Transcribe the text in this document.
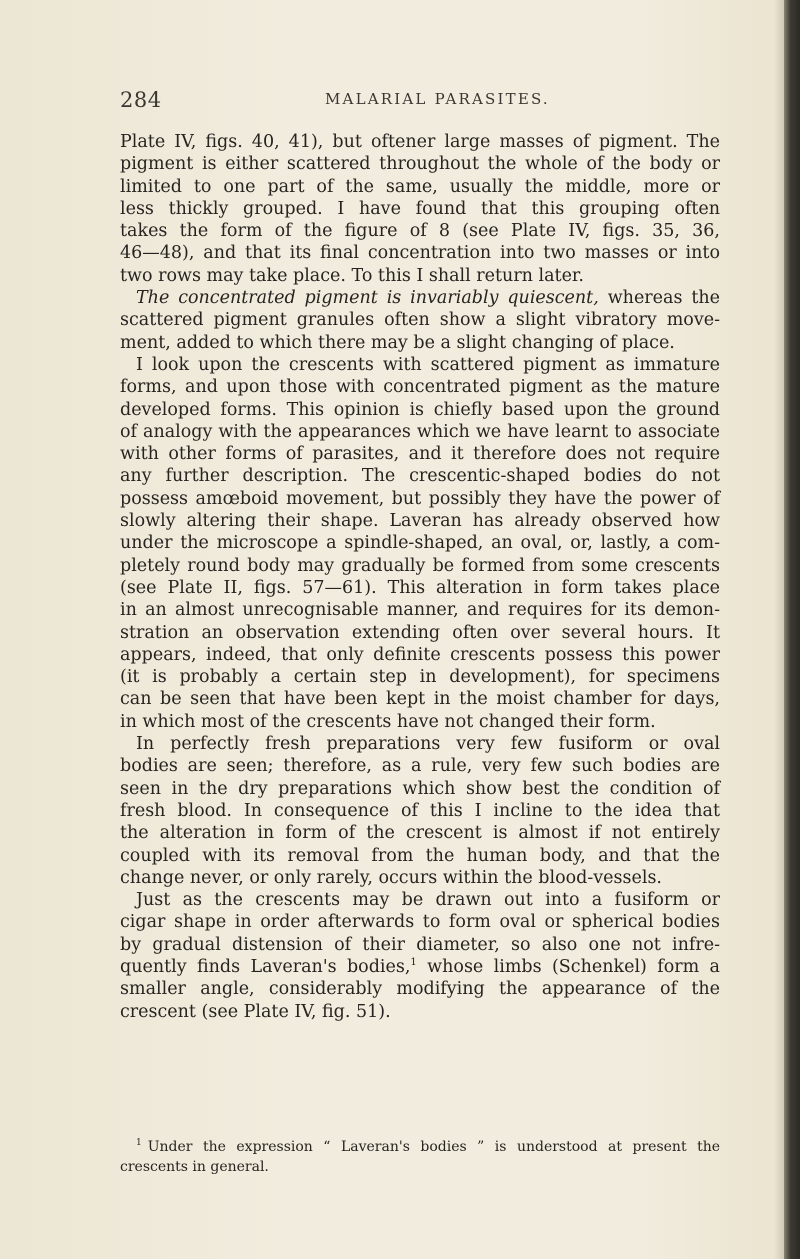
284	MALARIAL PARASITES.
Plate IV, figs. 40, 41), but oftener large masses of pigment. The
pigment is either scattered throughout the whole of the body or
limited to one part of the same, usually the middle, more or
less thickly grouped. I have found that this grouping often
takes the form of the figure of 8 (see Plate IV, figs. 35, 36,
46—48), and that its final concentration into two masses or into
two rows may take place. To this I shall return later.
The concentrated pigment is invariably quiescent, whereas the
scattered pigment granules often show a slight vibratory move-
ment, added to which there may be a slight changing of place.
I look upon the crescents with scattered pigment as immature
forms, and upon those with concentrated pigment as the mature
developed forms. This opinion is chiefly based upon the ground
of analogy with the appearances which we have learnt to associate
with other forms of parasites, and it therefore does not require
any further description. The crescentic-shaped bodies do not
possess amœboid movement, but possibly they have the power of
slowly altering their shape. Laveran has already observed how
under the microscope a spindle-shaped, an oval, or, lastly, a com-
pletely round body may gradually be formed from some crescents
(see Plate II, figs. 57—61). This alteration in form takes place
in an almost unrecognisable manner, and requires for its demon-
stration an observation extending often over several hours. It
appears, indeed, that only definite crescents possess this power
(it is probably a certain step in development), for specimens
can be seen that have been kept in the moist chamber for days,
in which most of the crescents have not changed their form.
In perfectly fresh preparations very few fusiform or oval
bodies are seen; therefore, as a rule, very few such bodies are
seen in the dry preparations which show best the condition of
fresh blood. In consequence of this I incline to the idea that
the alteration in form of the crescent is almost if not entirely
coupled with its removal from the human body, and that the
change never, or only rarely, occurs within the blood-vessels.
Just as the crescents may be drawn out into a fusiform or
cigar shape in order afterwards to form oval or spherical bodies
by gradual distension of their diameter, so also one not infre-
quently finds Laveran's bodies,$^1$ whose limbs (Schenkel) form a
smaller angle, considerably modifying the appearance of the
crescent (see Plate IV, fig. 51).
$^1$ Under the expression “ Laveran's bodies ” is understood at present the
crescents in general.
